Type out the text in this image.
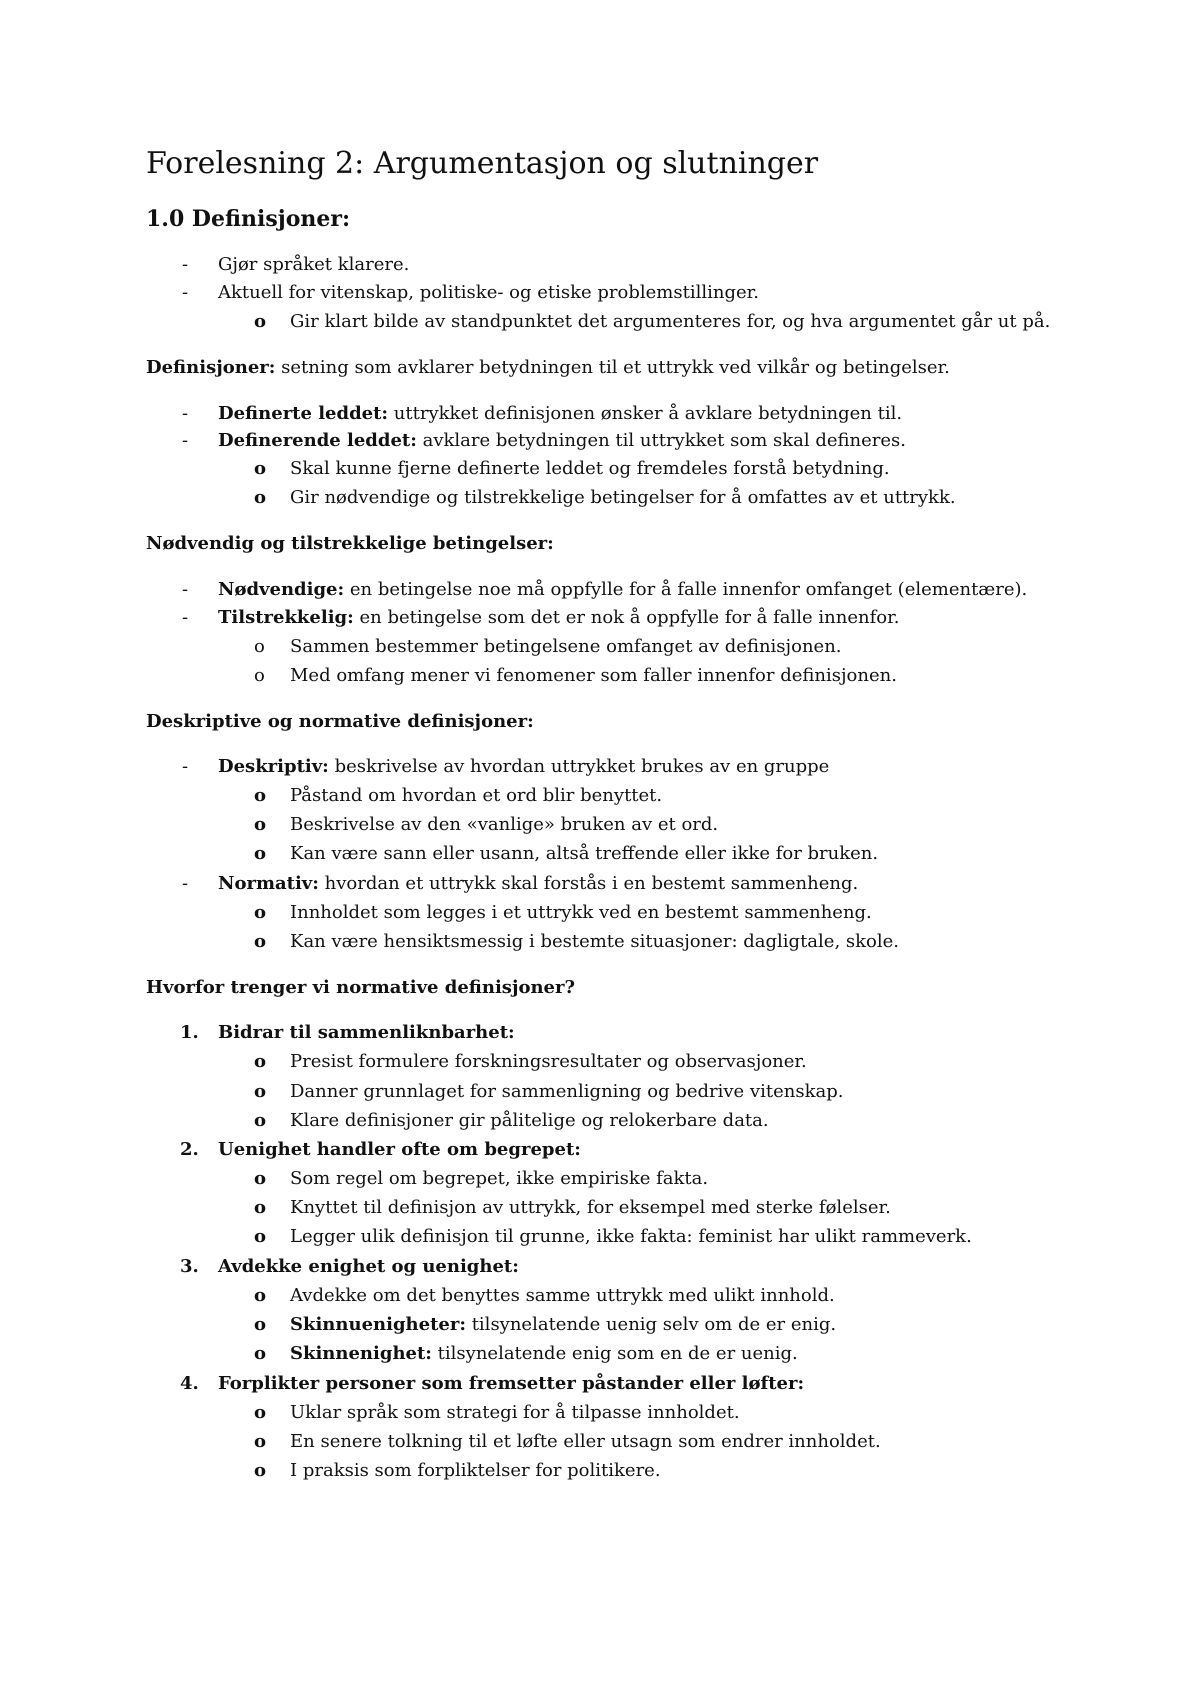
Forelesning 2: Argumentasjon og slutninger
1.0 Definisjoner:
- Gjør språket klarere.
- Aktuell for vitenskap, politiske- og etiske problemstillinger.
o Gir klart bilde av standpunktet det argumenteres for, og hva argumentet går ut på.
Definisjoner: setning som avklarer betydningen til et uttrykk ved vilkår og betingelser.
- Definerte leddet: uttrykket definisjonen ønsker å avklare betydningen til.
- Definerende leddet: avklare betydningen til uttrykket som skal defineres.
o Skal kunne fjerne definerte leddet og fremdeles forstå betydning.
o Gir nødvendige og tilstrekkelige betingelser for å omfattes av et uttrykk.
Nødvendig og tilstrekkelige betingelser:
- Nødvendige: en betingelse noe må oppfylle for å falle innenfor omfanget (elementære).
- Tilstrekkelig: en betingelse som det er nok å oppfylle for å falle innenfor.
o Sammen bestemmer betingelsene omfanget av definisjonen.
o Med omfang mener vi fenomener som faller innenfor definisjonen.
Deskriptive og normative definisjoner:
- Deskriptiv: beskrivelse av hvordan uttrykket brukes av en gruppe
o Påstand om hvordan et ord blir benyttet.
o Beskrivelse av den «vanlige» bruken av et ord.
o Kan være sann eller usann, altså treffende eller ikke for bruken.
- Normativ: hvordan et uttrykk skal forstås i en bestemt sammenheng.
o Innholdet som legges i et uttrykk ved en bestemt sammenheng.
o Kan være hensiktsmessig i bestemte situasjoner: dagligtale, skole.
Hvorfor trenger vi normative definisjoner?
1. Bidrar til sammenliknbarhet:
o Presist formulere forskningsresultater og observasjoner.
o Danner grunnlaget for sammenligning og bedrive vitenskap.
o Klare definisjoner gir pålitelige og relokerbare data.
2. Uenighet handler ofte om begrepet:
o Som regel om begrepet, ikke empiriske fakta.
o Knyttet til definisjon av uttrykk, for eksempel med sterke følelser.
o Legger ulik definisjon til grunne, ikke fakta: feminist har ulikt rammeverk.
3. Avdekke enighet og uenighet:
o Avdekke om det benyttes samme uttrykk med ulikt innhold.
o Skinnuenigheter: tilsynelatende uenig selv om de er enig.
o Skinnenighet: tilsynelatende enig som en de er uenig.
4. Forplikter personer som fremsetter påstander eller løfter:
o Uklar språk som strategi for å tilpasse innholdet.
o En senere tolkning til et løfte eller utsagn som endrer innholdet.
o I praksis som forpliktelser for politikere.
